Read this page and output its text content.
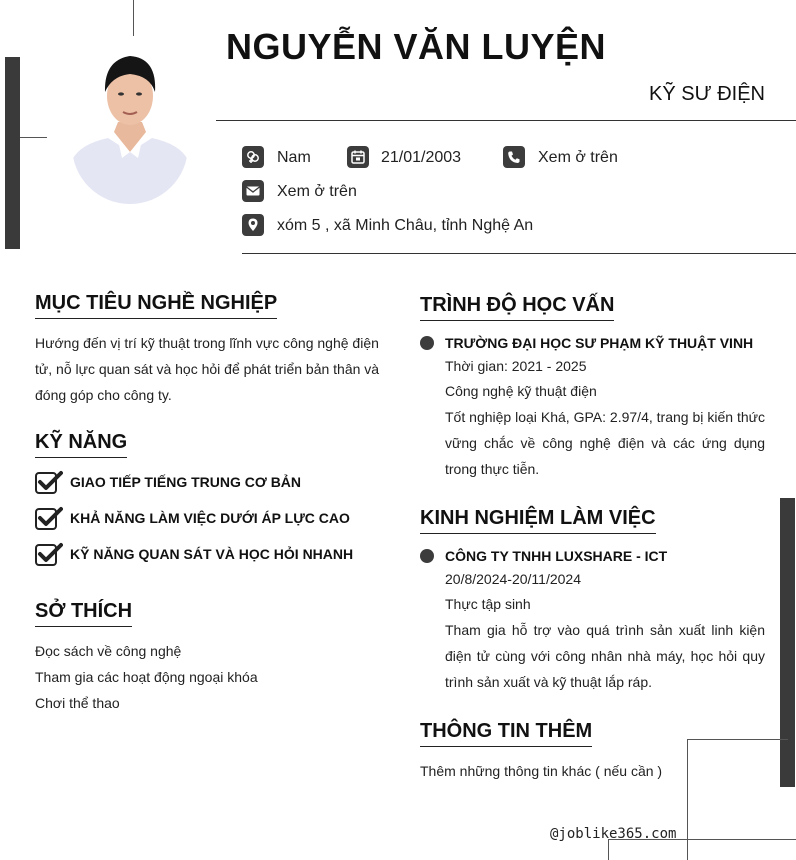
NGUYỄN VĂN LUYỆN
KỸ SƯ ĐIỆN
Nam	21/01/2003	Xem ở trên
Xem ở trên
xóm 5 , xã Minh Châu, tỉnh Nghệ An
MỤC TIÊU NGHỀ NGHIỆP
Hướng đến vị trí kỹ thuật trong lĩnh vực công nghệ điện
tử, nỗ lực quan sát và học hỏi để phát triển bản thân và
đóng góp cho công ty.
KỸ NĂNG
GIAO TIẾP TIẾNG TRUNG CƠ BẢN
KHẢ NĂNG LÀM VIỆC DƯỚI ÁP LỰC CAO
KỸ NĂNG QUAN SÁT VÀ HỌC HỎI NHANH
SỞ THÍCH
Đọc sách về công nghệ
Tham gia các hoạt động ngoại khóa
Chơi thể thao
TRÌNH ĐỘ HỌC VẤN
TRƯỜNG ĐẠI HỌC SƯ PHẠM KỸ THUẬT VINH
Thời gian: 2021 - 2025
Công nghệ kỹ thuật điện
Tốt nghiệp loại Khá, GPA: 2.97/4, trang bị kiến thức
vững chắc về công nghệ điện và các ứng dụng
trong thực tiễn.
KINH NGHIỆM LÀM VIỆC
CÔNG TY TNHH LUXSHARE - ICT
20/8/2024-20/11/2024
Thực tập sinh
Tham gia hỗ trợ vào quá trình sản xuất linh kiện
điện tử cùng với công nhân nhà máy, học hỏi quy
trình sản xuất và kỹ thuật lắp ráp.
THÔNG TIN THÊM
Thêm những thông tin khác ( nếu cần )
@joblike365.com
